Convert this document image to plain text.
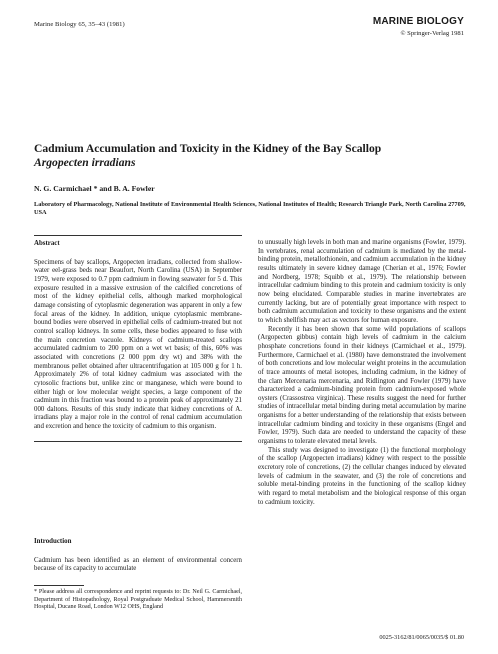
Marine Biology 65, 35–43 (1981)	MARINE BIOLOGY
© Springer-Verlag 1981
Cadmium Accumulation and Toxicity in the Kidney of the Bay Scallop
Argopecten irradians
N. G. Carmichael * and B. A. Fowler
Laboratory of Pharmacology, National Institute of Environmental Health Sciences, National Institutes of Health; Research Triangle Park, North Carolina 27709, USA
Abstract

Specimens of bay scallops, Argopecten irradians, collected from shallow-water eel-grass beds near Beaufort, North Carolina (USA) in September 1979, were exposed to 0.7 ppm cadmium in flowing seawater for 5 d. This exposure resulted in a massive extrusion of the calcified concretions of most of the kidney epithelial cells, although marked morphological damage consisting of cytoplasmic degeneration was apparent in only a few focal areas of the kidney. In addition, unique cytoplasmic membrane-bound bodies were observed in epithelial cells of cadmium-treated but not control scallop kidneys. In some cells, these bodies appeared to fuse with the main concretion vacuole. Kidneys of cadmium-treated scallops accumulated cadmium to 200 ppm on a wet wt basis; of this, 60% was associated with concretions (2 000 ppm dry wt) and 38% with the membranous pellet obtained after ultracentrifugation at 105 000 g for 1 h. Approximately 2% of total kidney cadmium was associated with the cytosolic fractions but, unlike zinc or manganese, which were bound to either high or low molecular weight species, a large component of the cadmium in this fraction was bound to a protein peak of approximately 21 000 daltons. Results of this study indicate that kidney concretions of A. irradians play a major role in the control of renal cadmium accumulation and excretion and hence the toxicity of cadmium to this organism.

Introduction

Cadmium has been identified as an element of environmental concern because of its capacity to accumulate

* Please address all correspondence and reprint requests to: Dr. Neil G. Carmichael, Department of Histopathology, Royal Postgraduate Medical School, Hammersmith Hospital, Ducane Road, London W12 OHS, England

to unusually high levels in both man and marine organisms (Fowler, 1979). In vertebrates, renal accumulation of cadmium is mediated by the metal-binding protein, metallothionein, and cadmium accumulation in the kidney results ultimately in severe kidney damage (Cherian et al., 1976; Fowler and Nordberg, 1978; Squibb et al., 1979). The relationship between intracellular cadmium binding to this protein and cadmium toxicity is only now being elucidated. Comparable studies in marine invertebrates are currently lacking, but are of potentially great importance with respect to both cadmium accumulation and toxicity to these organisms and the extent to which shellfish may act as vectors for human exposure.

Recently it has been shown that some wild populations of scallops (Argopecten gibbus) contain high levels of cadmium in the calcium phosphate concretions found in their kidneys (Carmichael et al., 1979). Furthermore, Carmichael et al. (1980) have demonstrated the involvement of both concretions and low molecular weight proteins in the accumulation of trace amounts of metal isotopes, including cadmium, in the kidney of the clam Mercenaria mercenaria, and Ridlington and Fowler (1979) have characterized a cadmium-binding protein from cadmium-exposed whole oysters (Crassostrea virginica). These results suggest the need for further studies of intracellular metal binding during metal accumulation by marine organisms for a better understanding of the relationship that exists between intracellular cadmium binding and toxicity in these organisms (Engel and Fowler, 1979). Such data are needed to understand the capacity of these organisms to tolerate elevated metal levels.

This study was designed to investigate (1) the functional morphology of the scallop (Argopecten irradians) kidney with respect to the possible excretory role of concretions, (2) the cellular changes induced by elevated levels of cadmium in the seawater, and (3) the role of concretions and soluble metal-binding proteins in the functioning of the scallop kidney with regard to metal metabolism and the biological response of this organ to cadmium toxicity.

0025-3162/81/0065/0035/$ 01.80
